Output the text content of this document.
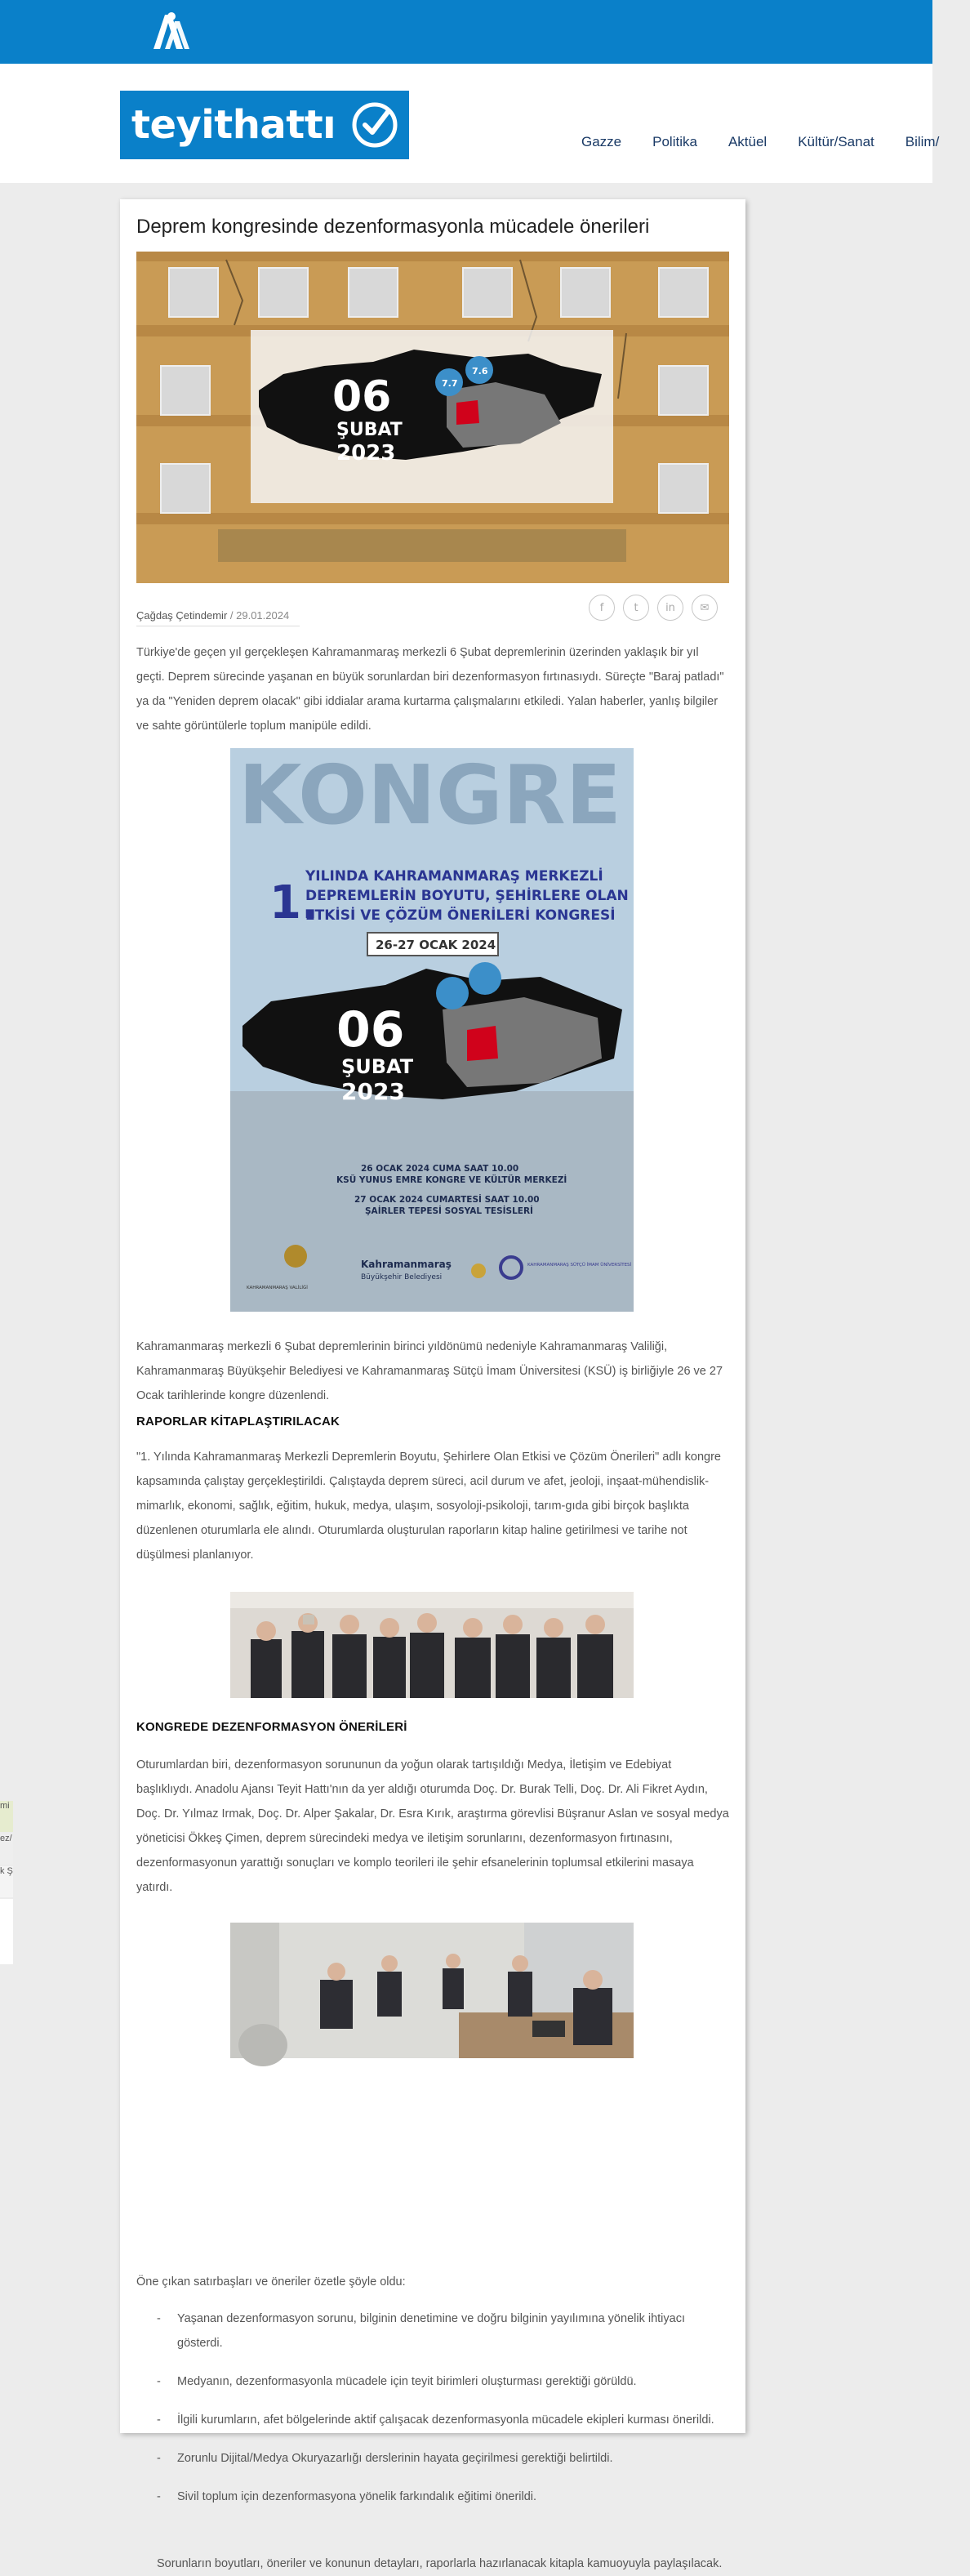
teyithattı	Gazze Politika Aktüel Kültür/Sanat Bilim/
mi
ez/
k Ş
Deprem kongresinde dezenformasyonla mücadele önerileri
06
ŞUBAT
2023
7.7
7.6
Çağdaş Çetindemir / 29.01.2024
f	t	in	✉

Türkiye'de geçen yıl gerçekleşen Kahramanmaraş merkezli 6 Şubat depremlerinin üzerinden yaklaşık bir yıl geçti. Deprem sürecinde yaşanan en büyük sorunlardan biri dezenformasyon fırtınasıydı. Süreçte "Baraj patladı" ya da "Yeniden deprem olacak" gibi iddialar arama kurtarma çalışmalarını etkiledi. Yalan haberler, yanlış bilgiler ve sahte görüntülerle toplum manipüle edildi.

KONGRE
1.
YILINDA KAHRAMANMARAŞ MERKEZLİ
DEPREMLERİN BOYUTU, ŞEHİRLERE OLAN
ETKİSİ VE ÇÖZÜM ÖNERİLERİ KONGRESİ
26-27 OCAK 2024
06
ŞUBAT
2023
26 OCAK 2024 CUMA SAAT 10.00
KSÜ YUNUS EMRE KONGRE VE KÜLTÜR MERKEZİ
27 OCAK 2024 CUMARTESİ SAAT 10.00
ŞAİRLER TEPESİ SOSYAL TESİSLERİ
KAHRAMANMARAŞ VALİLİĞİ
Kahramanmaraş
Büyükşehir Belediyesi
KAHRAMANMARAŞ SÜTÇÜ İMAM ÜNİVERSİTESİ

Kahramanmaraş merkezli 6 Şubat depremlerinin birinci yıldönümü nedeniyle Kahramanmaraş Valiliği, Kahramanmaraş Büyükşehir Belediyesi ve Kahramanmaraş Sütçü İmam Üniversitesi (KSÜ) iş birliğiyle 26 ve 27 Ocak tarihlerinde kongre düzenlendi.

RAPORLAR KİTAPLAŞTIRILACAK

"1. Yılında Kahramanmaraş Merkezli Depremlerin Boyutu, Şehirlere Olan Etkisi ve Çözüm Önerileri" adlı kongre kapsamında çalıştay gerçekleştirildi. Çalıştayda deprem süreci, acil durum ve afet, jeoloji, inşaat-mühendislik-mimarlık, ekonomi, sağlık, eğitim, hukuk, medya, ulaşım, sosyoloji-psikoloji, tarım-gıda gibi birçok başlıkta düzenlenen oturumlarla ele alındı. Oturumlarda oluşturulan raporların kitap haline getirilmesi ve tarihe not düşülmesi planlanıyor.

KONGREDE DEZENFORMASYON ÖNERİLERİ

Oturumlardan biri, dezenformasyon sorununun da yoğun olarak tartışıldığı Medya, İletişim ve Edebiyat başlıklıydı. Anadolu Ajansı Teyit Hattı'nın da yer aldığı oturumda Doç. Dr. Burak Telli, Doç. Dr. Ali Fikret Aydın, Doç. Dr. Yılmaz Irmak, Doç. Dr. Alper Şakalar, Dr. Esra Kırık, araştırma görevlisi Büşranur Aslan ve sosyal medya yöneticisi Ökkeş Çimen, deprem sürecindeki medya ve iletişim sorunlarını, dezenformasyon fırtınasını, dezenformasyonun yarattığı sonuçları ve komplo teorileri ile şehir efsanelerinin toplumsal etkilerini masaya yatırdı.

Öne çıkan satırbaşları ve öneriler özetle şöyle oldu:

- Yaşanan dezenformasyon sorunu, bilginin denetimine ve doğru bilginin yayılımına yönelik ihtiyacı gösterdi.
- Medyanın, dezenformasyonla mücadele için teyit birimleri oluşturması gerektiği görüldü.
- İlgili kurumların, afet bölgelerinde aktif çalışacak dezenformasyonla mücadele ekipleri kurması önerildi.
- Zorunlu Dijital/Medya Okuryazarlığı derslerinin hayata geçirilmesi gerektiği belirtildi.
- Sivil toplum için dezenformasyona yönelik farkındalık eğitimi önerildi.

Sorunların boyutları, öneriler ve konunun detayları, raporlarla hazırlanacak kitapla kamuoyuyla paylaşılacak.
